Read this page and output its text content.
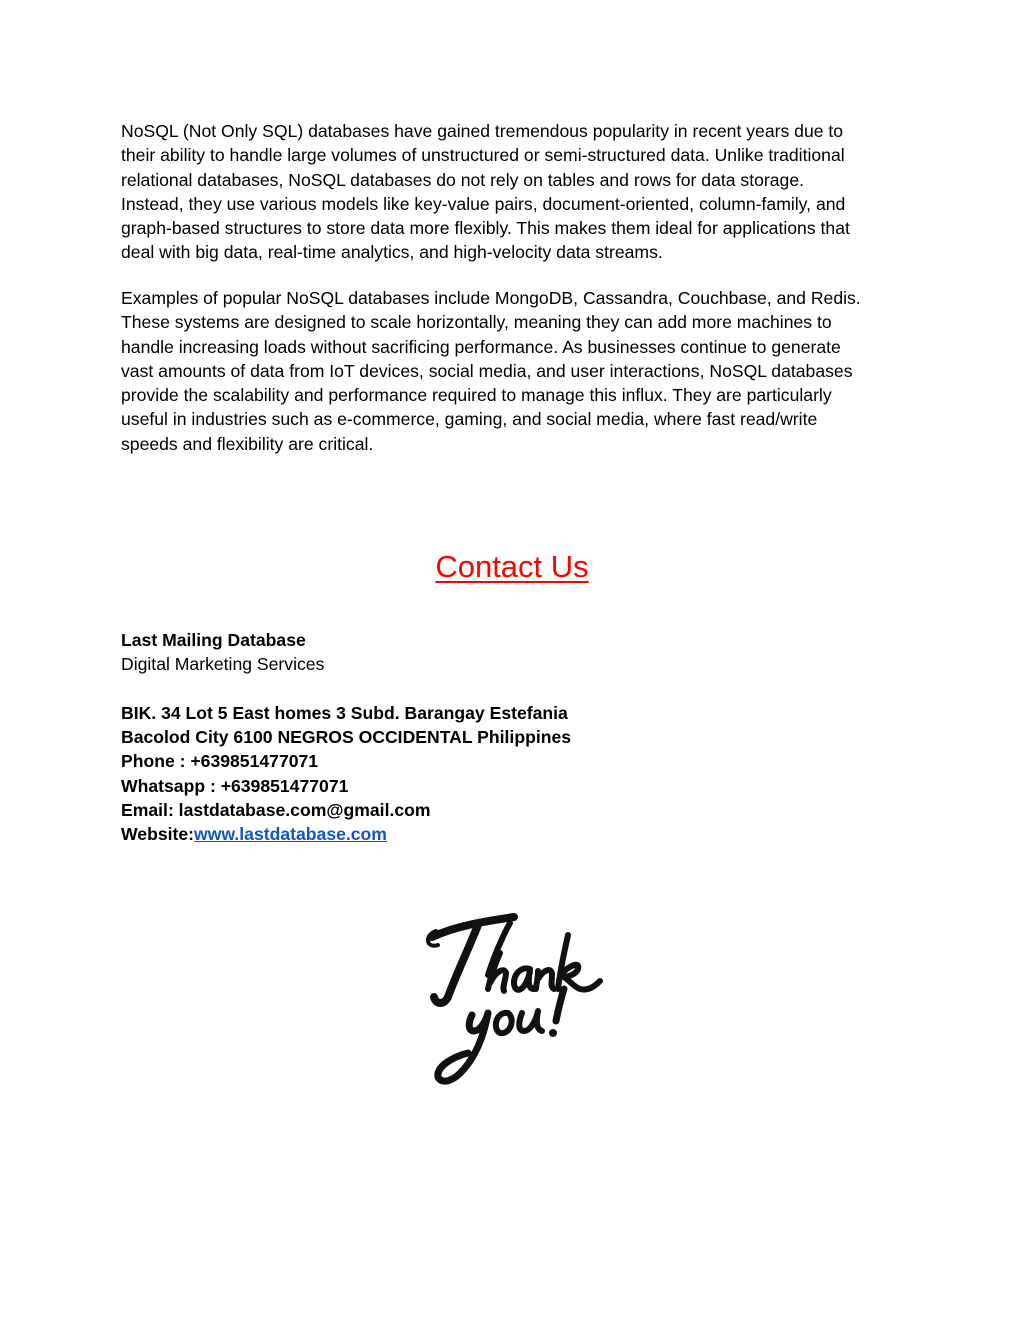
NoSQL (Not Only SQL) databases have gained tremendous popularity in recent years due to
their ability to handle large volumes of unstructured or semi-structured data. Unlike traditional
relational databases, NoSQL databases do not rely on tables and rows for data storage.
Instead, they use various models like key-value pairs, document-oriented, column-family, and
graph-based structures to store data more flexibly. This makes them ideal for applications that
deal with big data, real-time analytics, and high-velocity data streams.

Examples of popular NoSQL databases include MongoDB, Cassandra, Couchbase, and Redis.
These systems are designed to scale horizontally, meaning they can add more machines to
handle increasing loads without sacrificing performance. As businesses continue to generate
vast amounts of data from IoT devices, social media, and user interactions, NoSQL databases
provide the scalability and performance required to manage this influx. They are particularly
useful in industries such as e-commerce, gaming, and social media, where fast read/write
speeds and flexibility are critical.

Contact Us
Last Mailing Database
Digital Marketing Services
BIK. 34 Lot 5 East homes 3 Subd. Barangay Estefania
Bacolod City 6100 NEGROS OCCIDENTAL Philippines
Phone : +639851477071
Whatsapp : +639851477071
Email: lastdatabase.com@gmail.com
Website:www.lastdatabase.com
